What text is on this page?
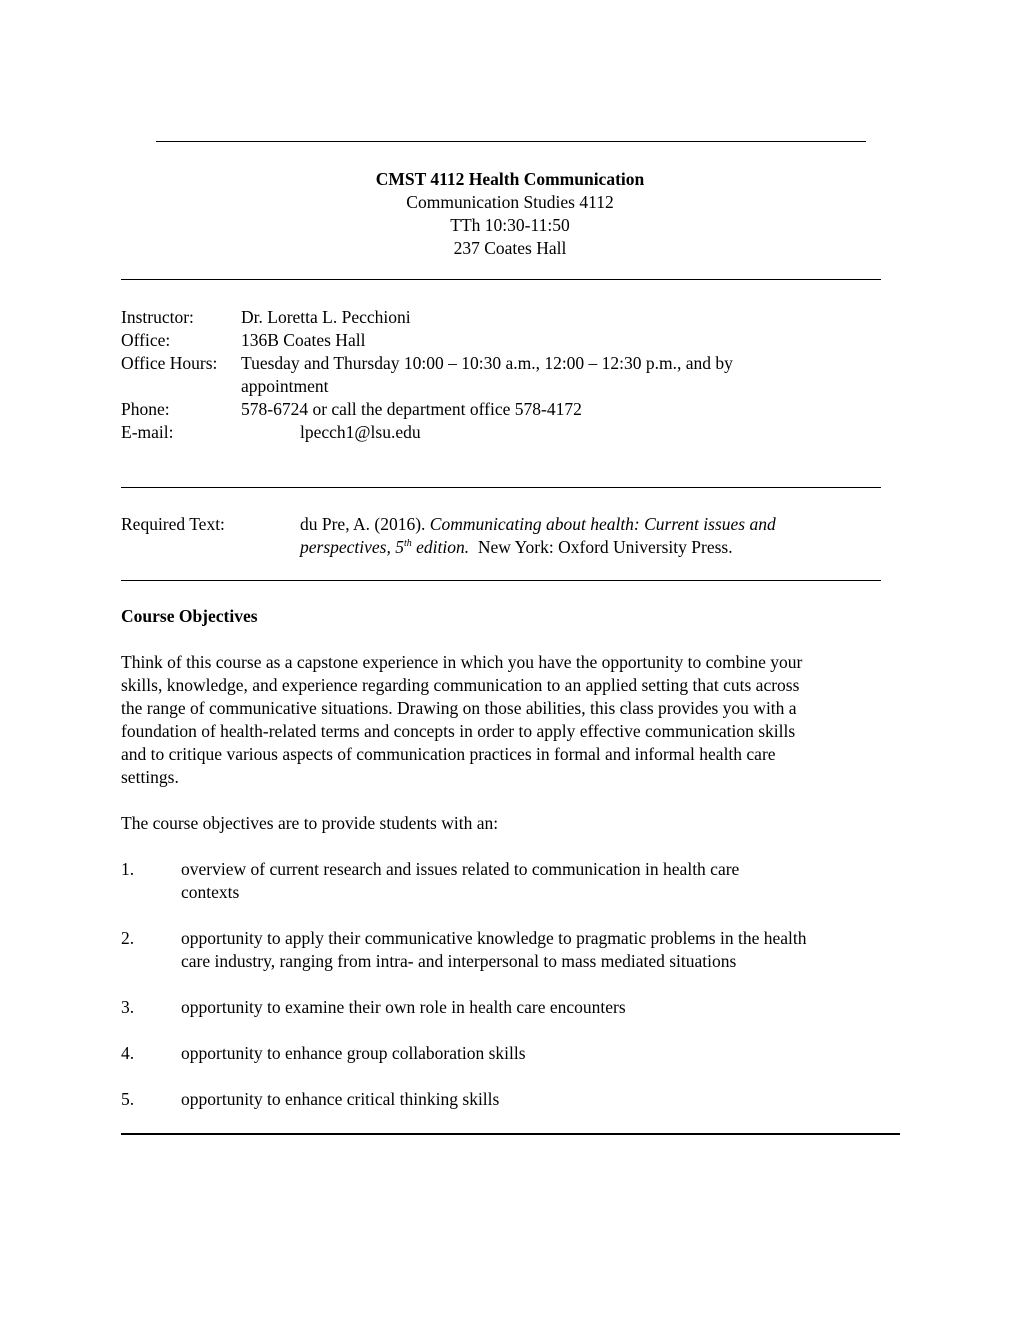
CMST 4112 Health Communication
Communication Studies 4112
TTh 10:30-11:50
237 Coates Hall
Instructor:	Dr. Loretta L. Pecchioni
Office:	136B Coates Hall
Office Hours: Tuesday and Thursday 10:00 – 10:30 a.m., 12:00 – 12:30 p.m., and by
appointment
Phone:	578-6724 or call the department office 578-4172
E-mail:	lpecch1@lsu.edu
Required Text:	du Pre, A. (2016). Communicating about health: Current issues and
perspectives, 5th edition.  New York: Oxford University Press.
Course Objectives
Think of this course as a capstone experience in which you have the opportunity to combine your
skills, knowledge, and experience regarding communication to an applied setting that cuts across
the range of communicative situations. Drawing on those abilities, this class provides you with a
foundation of health-related terms and concepts in order to apply effective communication skills
and to critique various aspects of communication practices in formal and informal health care
settings.
The course objectives are to provide students with an:
1.	overview of current research and issues related to communication in health care
contexts
2.	opportunity to apply their communicative knowledge to pragmatic problems in the health
care industry, ranging from intra- and interpersonal to mass mediated situations
3.	opportunity to examine their own role in health care encounters
4.	opportunity to enhance group collaboration skills
5.	opportunity to enhance critical thinking skills
